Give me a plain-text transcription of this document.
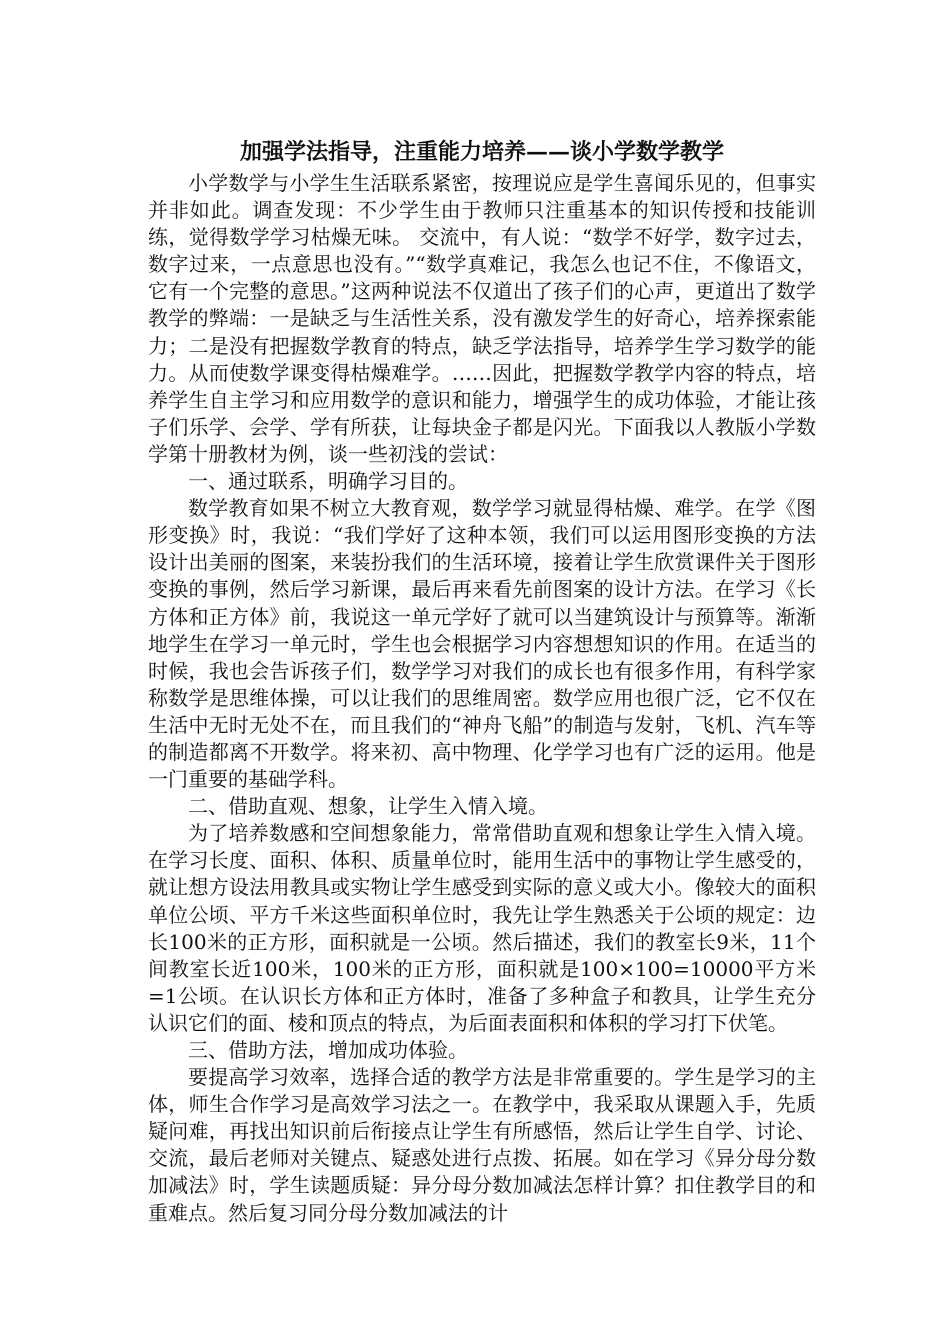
加强学法指导，注重能力培养——谈小学数学教学

小学数学与小学生生活联系紧密，按理说应是学生喜闻乐见的，但事实并非如此。调查发现：不少学生由于教师只注重基本的知识传授和技能训练，觉得数学学习枯燥无味。 交流中，有人说：“数学不好学，数字过去，数字过来，一点意思也没有。”“数学真难记，我怎么也记不住，不像语文，它有一个完整的意思。”这两种说法不仅道出了孩子们的心声，更道出了数学教学的弊端：一是缺乏与生活性关系，没有激发学生的好奇心，培养探索能力；二是没有把握数学教育的特点，缺乏学法指导，培养学生学习数学的能力。从而使数学课变得枯燥难学。……因此，把握数学教学内容的特点，培养学生自主学习和应用数学的意识和能力，增强学生的成功体验，才能让孩子们乐学、会学、学有所获，让每块金子都是闪光。下面我以人教版小学数学第十册教材为例，谈一些初浅的尝试：

一、通过联系，明确学习目的。

数学教育如果不树立大教育观，数学学习就显得枯燥、难学。在学《图形变换》时，我说：“我们学好了这种本领，我们可以运用图形变换的方法设计出美丽的图案，来装扮我们的生活环境，接着让学生欣赏课件关于图形变换的事例，然后学习新课，最后再来看先前图案的设计方法。在学习《长方体和正方体》前，我说这一单元学好了就可以当建筑设计与预算等。渐渐地学生在学习一单元时，学生也会根据学习内容想想知识的作用。在适当的时候，我也会告诉孩子们，数学学习对我们的成长也有很多作用，有科学家称数学是思维体操，可以让我们的思维周密。数学应用也很广泛，它不仅在生活中无时无处不在，而且我们的“神舟飞船”的制造与发射，飞机、汽车等的制造都离不开数学。将来初、高中物理、化学学习也有广泛的运用。他是一门重要的基础学科。

二、借助直观、想象，让学生入情入境。

为了培养数感和空间想象能力，常常借助直观和想象让学生入情入境。在学习长度、面积、体积、质量单位时，能用生活中的事物让学生感受的，就让想方设法用教具或实物让学生感受到实际的意义或大小。像较大的面积单位公顷、平方千米这些面积单位时，我先让学生熟悉关于公顷的规定：边长100米的正方形，面积就是一公顷。然后描述，我们的教室长9米，11个间教室长近100米，100米的正方形，面积就是100×100=10000平方米=1公顷。在认识长方体和正方体时，准备了多种盒子和教具，让学生充分认识它们的面、棱和顶点的特点，为后面表面积和体积的学习打下伏笔。

三、借助方法，增加成功体验。

要提高学习效率，选择合适的教学方法是非常重要的。学生是学习的主体，师生合作学习是高效学习法之一。在教学中，我采取从课题入手，先质疑问难，再找出知识前后衔接点让学生有所感悟，然后让学生自学、讨论、交流，最后老师对关键点、疑惑处进行点拨、拓展。如在学习《异分母分数加减法》时，学生读题质疑：异分母分数加减法怎样计算？扣住教学目的和重难点。然后复习同分母分数加减法的计
